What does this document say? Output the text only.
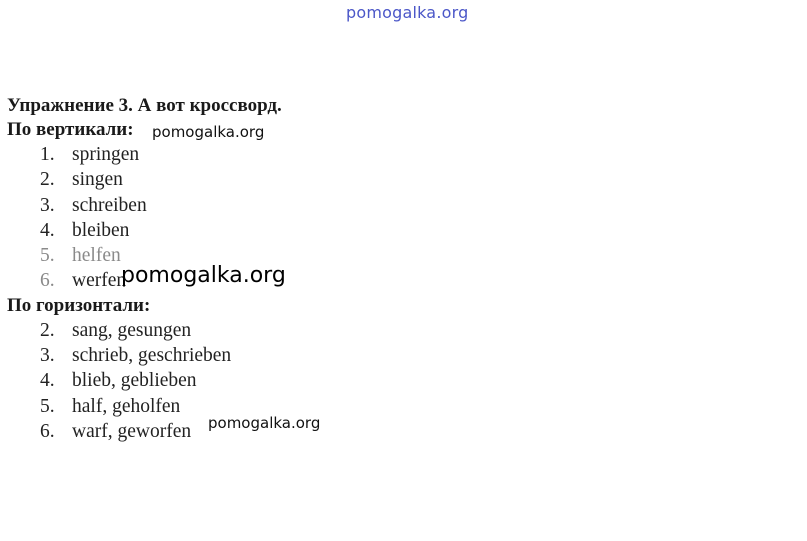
pomogalka.org

Упражнение 3. А вот кроссворд.

По вертикали:

1. springen
2. singen
3. schreiben
4. bleiben
5. helfen
6. werfen

По горизонтали:

2. sang, gesungen
3. schrieb, geschrieben
4. blieb, geblieben
5. half, geholfen
6. warf, geworfen
pomogalka.org
pomogalka.org
pomogalka.org
